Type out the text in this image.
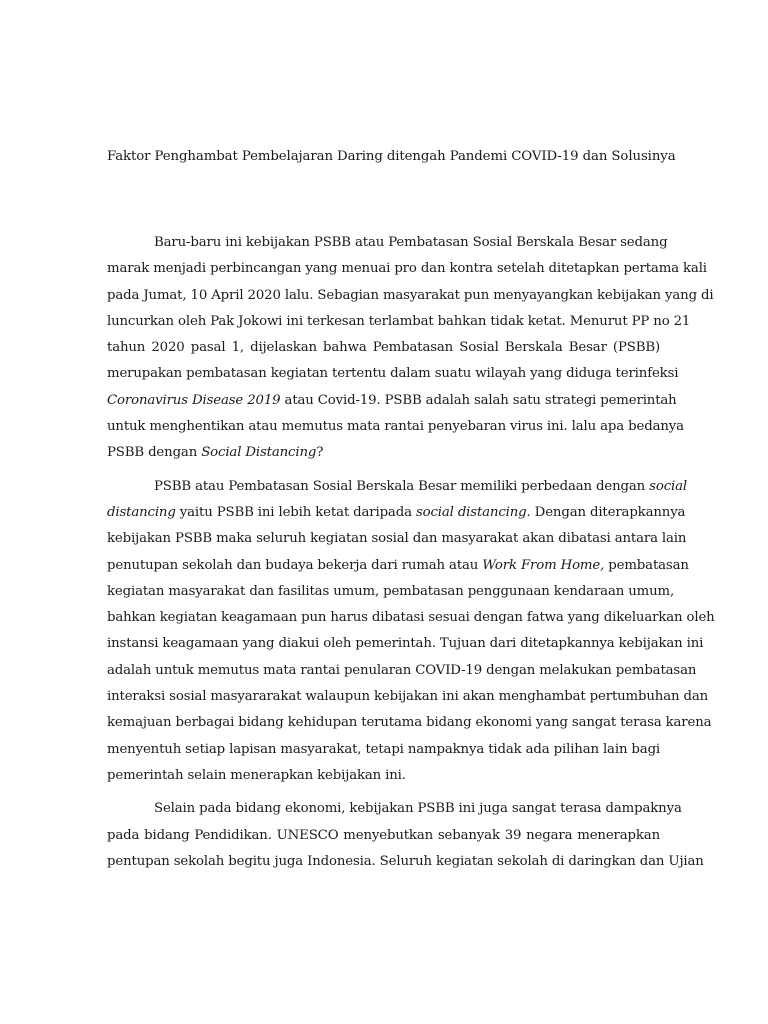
Faktor Penghambat Pembelajaran Daring ditengah Pandemi COVID-19 dan Solusinya
Baru-baru ini kebijakan PSBB atau Pembatasan Sosial Berskala Besar sedang
marak menjadi perbincangan yang menuai pro dan kontra setelah ditetapkan pertama kali
pada Jumat, 10 April 2020 lalu. Sebagian masyarakat pun menyayangkan kebijakan yang di
luncurkan oleh Pak Jokowi ini terkesan terlambat bahkan tidak ketat. Menurut PP no 21
tahun 2020 pasal 1, dijelaskan bahwa Pembatasan Sosial Berskala Besar (PSBB)
merupakan pembatasan kegiatan tertentu dalam suatu wilayah yang diduga terinfeksi
Coronavirus Disease 2019 atau Covid-19. PSBB adalah salah satu strategi pemerintah
untuk menghentikan atau memutus mata rantai penyebaran virus ini. lalu apa bedanya
PSBB dengan Social Distancing?
PSBB atau Pembatasan Sosial Berskala Besar memiliki perbedaan dengan social
distancing yaitu PSBB ini lebih ketat daripada social distancing. Dengan diterapkannya
kebijakan PSBB maka seluruh kegiatan sosial dan masyarakat akan dibatasi antara lain
penutupan sekolah dan budaya bekerja dari rumah atau Work From Home, pembatasan
kegiatan masyarakat dan fasilitas umum, pembatasan penggunaan kendaraan umum,
bahkan kegiatan keagamaan pun harus dibatasi sesuai dengan fatwa yang dikeluarkan oleh
instansi keagamaan yang diakui oleh pemerintah. Tujuan dari ditetapkannya kebijakan ini
adalah untuk memutus mata rantai penularan COVID-19 dengan melakukan pembatasan
interaksi sosial masyararakat walaupun kebijakan ini akan menghambat pertumbuhan dan
kemajuan berbagai bidang kehidupan terutama bidang ekonomi yang sangat terasa karena
menyentuh setiap lapisan masyarakat, tetapi nampaknya tidak ada pilihan lain bagi
pemerintah selain menerapkan kebijakan ini.
Selain pada bidang ekonomi, kebijakan PSBB ini juga sangat terasa dampaknya
pada bidang Pendidikan. UNESCO menyebutkan sebanyak 39 negara menerapkan
pentupan sekolah begitu juga Indonesia. Seluruh kegiatan sekolah di daringkan dan Ujian
